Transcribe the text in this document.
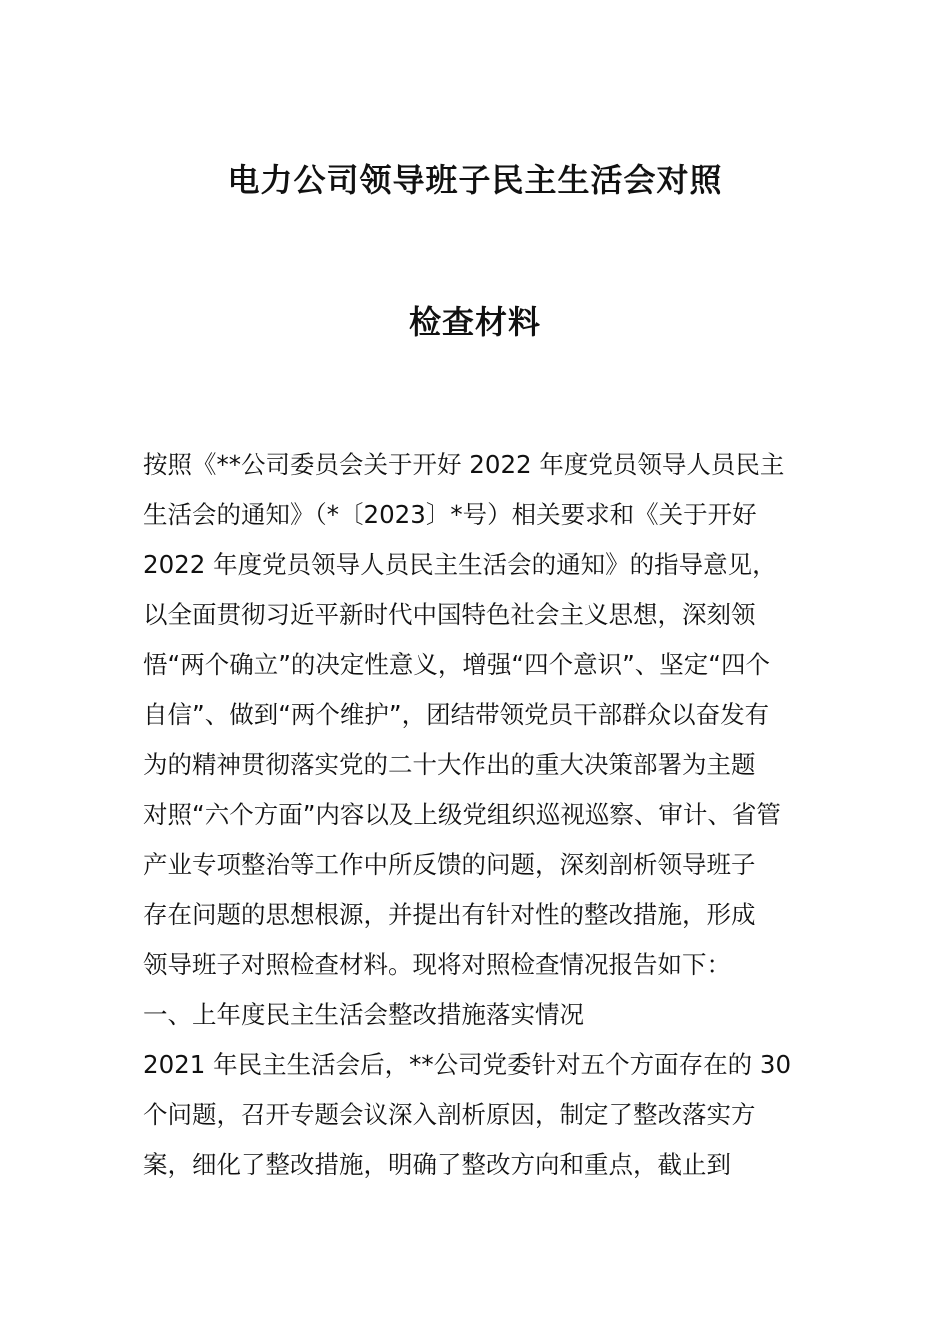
电力公司领导班子民主生活会对照
检查材料
按照《**公司委员会关于开好 2022 年度党员领导人员民主
生活会的通知》（*〔2023〕*号）相关要求和《关于开好
2022 年度党员领导人员民主生活会的通知》的指导意见，
以全面贯彻习近平新时代中国特色社会主义思想，深刻领
悟“两个确立”的决定性意义，增强“四个意识”、坚定“四个
自信”、做到“两个维护”，团结带领党员干部群众以奋发有
为的精神贯彻落实党的二十大作出的重大决策部署为主题
对照“六个方面”内容以及上级党组织巡视巡察、审计、省管
产业专项整治等工作中所反馈的问题，深刻剖析领导班子
存在问题的思想根源，并提出有针对性的整改措施，形成
领导班子对照检查材料。现将对照检查情况报告如下：
一、上年度民主生活会整改措施落实情况
2021 年民主生活会后，**公司党委针对五个方面存在的 30
个问题，召开专题会议深入剖析原因，制定了整改落实方
案，细化了整改措施，明确了整改方向和重点，截止到
